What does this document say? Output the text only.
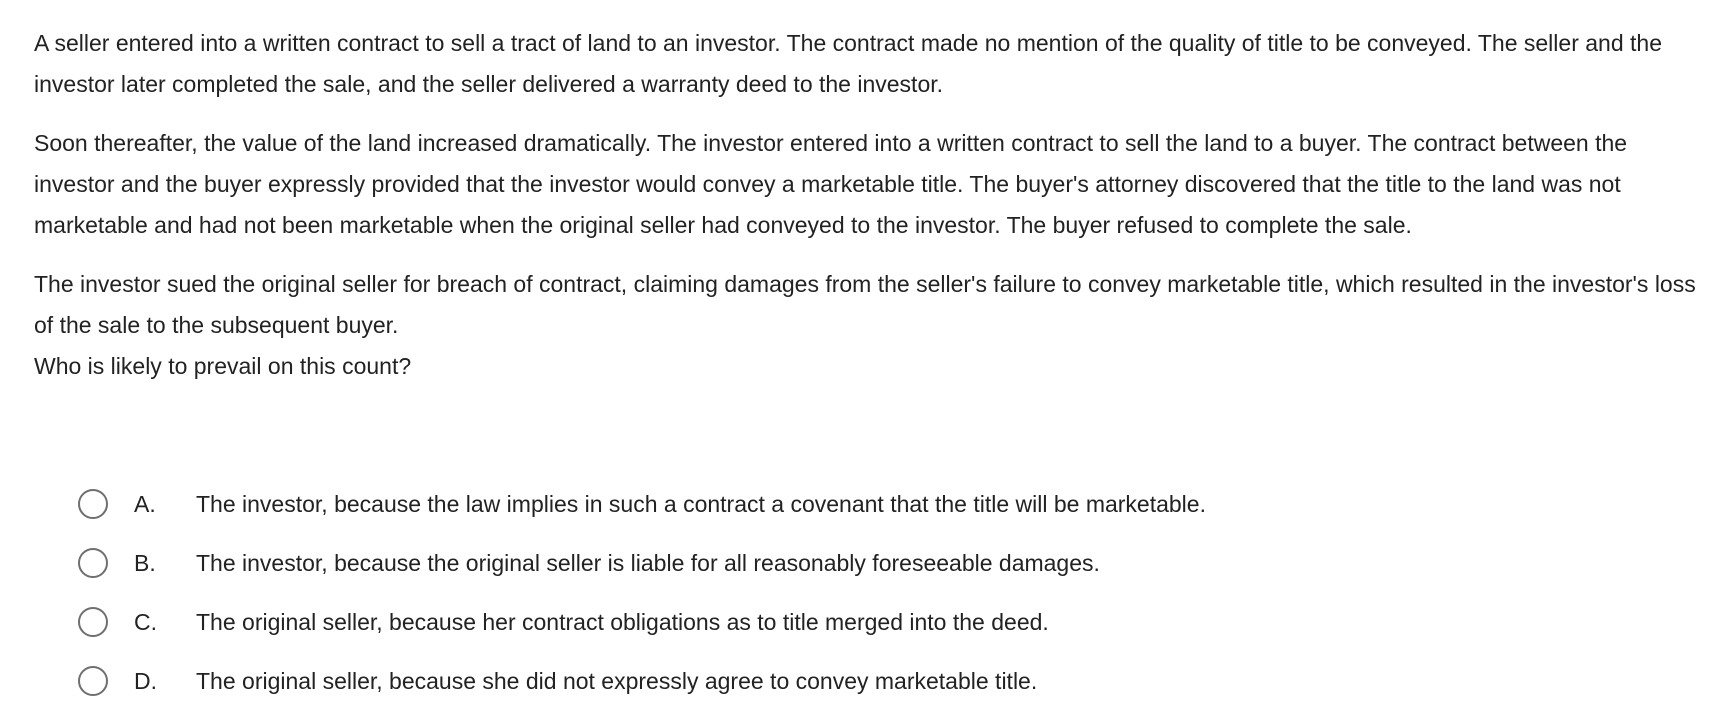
A seller entered into a written contract to sell a tract of land to an investor. The contract made no mention of the quality of title to be conveyed. The seller and the investor later completed the sale, and the seller delivered a warranty deed to the investor.

Soon thereafter, the value of the land increased dramatically. The investor entered into a written contract to sell the land to a buyer. The contract between the investor and the buyer expressly provided that the investor would convey a marketable title. The buyer's attorney discovered that the title to the land was not marketable and had not been marketable when the original seller had conveyed to the investor. The buyer refused to complete the sale.

The investor sued the original seller for breach of contract, claiming damages from the seller's failure to convey marketable title, which resulted in the investor's loss of the sale to the subsequent buyer.

Who is likely to prevail on this count?

A.	The investor, because the law implies in such a contract a covenant that the title will be marketable.
B.	The investor, because the original seller is liable for all reasonably foreseeable damages.
C.	The original seller, because her contract obligations as to title merged into the deed.
D.	The original seller, because she did not expressly agree to convey marketable title.
